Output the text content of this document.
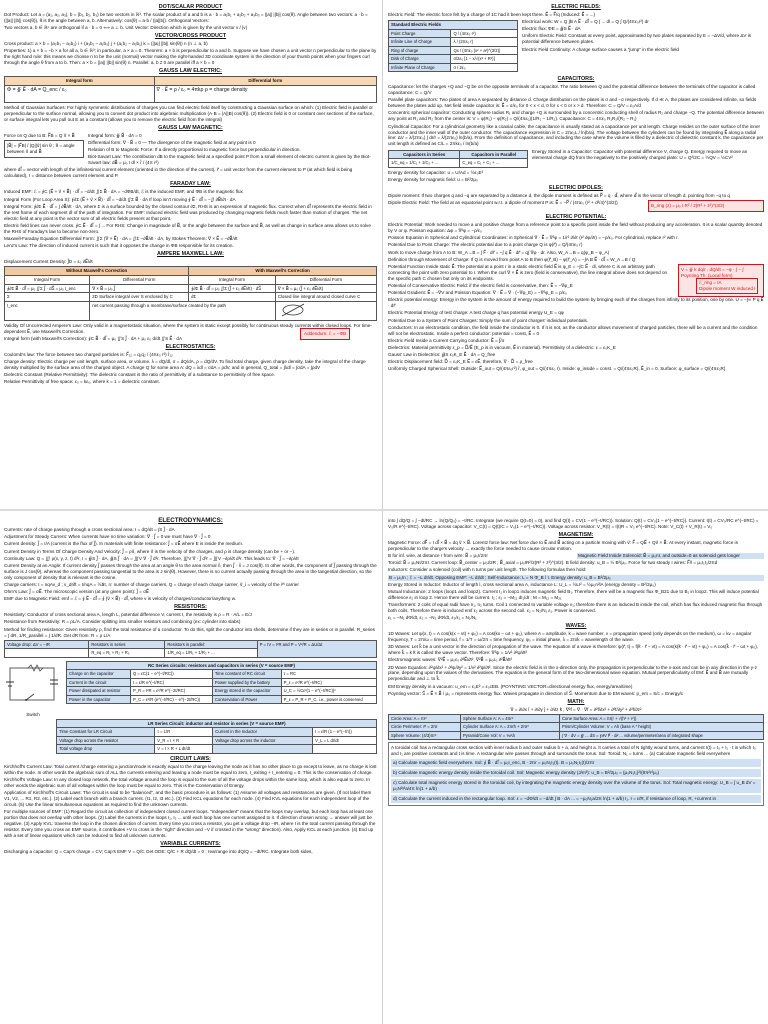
DOT/SCALAR PRODUCT
Dot Product: Let a = (a₁, a₂, a₃), b = (b₁, b₂, b₃) be two vectors in ℝ³. The scalar product of a and b is a · b = a₁b₁ + a₂b₂ + a₃b₃ = ||a|| ||b|| cos(θ). Angle between two vectors: a · b = (||a|| ||b|| cos(θ)), θ is the angle between a, b. Alternatively: cos(θ) = a·b / (|a||b|). Orthogonal Vectors:
Two vectors a, b ∈ ℝⁿ are orthogonal if a · b = 0 ⟺ a ⊥ b. Unit Vector: Direction which is given by the unit vector v / |v|
VECTOR/CROSS PRODUCT
Cross product: a × b = (a₂b₃ − a₃b₂) i + (a₃b₁ − a₁b₃) j + (a₁b₂ − a₂b₁) k = (||a|| ||b|| sin(θ)) n (n ⊥ a, b)
Properties: 1) a × b = −b × a for all a, b ∈ ℝ³; in particular, a × a = 0. Theorem: a × b is perpendicular to a and b. Suppose we have chosen a unit vector n perpendicular to the plane by the right hand rule: this means we choose n to be the unit (normal) vector making the right-handed 3D coordinate system in the direction of your thumb points when your fingers curl through the angle θ from a to b. Then: a × b = ||a|| ||b|| sin(θ) n. Parallel: a, b ≠ 0 are parallel iff a × b = 0
GAUSS LAW ELECTRIC:
Integral form	Differential form
Φ = ∯ E⃗ · dA = Q_enc / ε₀	∇ · E⃗ = ρ / ε₀ = 4πkρ ρ = charge density
Method of Gaussian Surfaces: For highly symmetric distributions of charges you can find electric field itself by constructing a Gaussian surface on which: (1) Electric field is parallel or perpendicular to the surface normal, allowing you to convert dot product into algebraic multiplication (A·B = |A||B| cos(θ)). (2) Electric field is 0 or constant over sections of the surface, or surface integral lets you pull out E as a constant (allows you to remove the electric field from the integral)
GAUSS LAW MAGNETIC:
Force on Q due to B: F⃗B = Q v⃗ × B⃗
|B⃗| = |F⃗B| / |Q||v⃗| sin θ ; θ = angle between v⃗ and B⃗
Integral form: ∯ B⃗ · dA = 0
Differential form: ∇ · B⃗ = 0 — The divergence of the magnetic field at any point is 0
Relation of B to Magnetic Force: If a directly proportional to magnetic force but perpendicular in direction.
Biot-Savart Law: The contribution dB to the magnetic field at a specified point P from a small element of electric current is given by the Biot-Savart law: dB⃗ = μ₀ I dl × r̂ / (4π r²)
where dl⃗ = vector with length of the infinitesimal current element (oriented in the direction of the current), r⃗ = unit vector from the current element to P (at which field is being calculated), r = distance between current element and P.
FARADAY LAW:
Induced EMF: ℰ = ∮C (E⃗ + v⃗ × B⃗) · dl⃗ = −d/dt ∬Σ B⃗ · dA = −dΦB/dt, ℰ is the induced EMF, and ΦB is the magnetic flux
Integral Form (For Loop Area S): ∮∂Σ (E⃗ + v⃗ × B⃗) · dl⃗ = −d/dt ∬Σ B⃗ · dA If loop isn't moving ∮ E⃗ · dl⃗ = −∬ ∂B⃗/∂t · dA
Integral Form: ∮∂Σ E⃗ · dl⃗ = ∫ ∂B⃗/∂t · dA, where Σ is a surface bounded by the closed contour ∂Σ, RHS is an expression of magnetic flux. Correct when dl⃗ represents the electric field in the rest frame of each segment dl of the path of integration. For EMF: Induced electric field was produced by changing magnetic fields much faster than motion of charges. The net electric field at any point is the vector sum of all electric fields present at that point.
Electric field lines can never cross. ∮C E⃗ · dl⃗ = ∫ ... For RHS: Change in magnitude of B⃗, or the angle between the surface and B⃗, as well as change in surface area allows us to solve the RHS of Faraday's law to become non-zero.
Maxwell-Faraday Equation Differential Form: ∬Σ (∇ × E⃗) · dA = ∬Σ −∂B⃗/∂t · dA, by Stokes Theorem: ∇ × E⃗ = −∂B⃗/∂t
Lenz's Law: The direction of induced current is such that it opposes the change in ΦB responsible for its creation.
Addendum: ℰ = −ΦB
AMPERE MAXWELL LAW:
Displacement Current Density: J⃗D = ε₀ ∂E⃗/∂t
Without Maxwell's Correction		With Maxwell's Correction	
Integral Form	Differential Form	Integral Form	Differential Form
∮∂Σ B⃗ · dl⃗ = μ₀ ∬Σ J⃗ · dS⃗ = μ₀ I_enc	∇ × B⃗ = μ₀ J⃗	∮∂Σ B⃗ · dl⃗ = μ₀ ∬Σ (J⃗ + ε₀ ∂E⃗/∂t) · dS⃗	∇ × B⃗ = μ₀ (J⃗ + ε₀ ∂E⃗/∂t)
Σ	2D Surface integral over S enclosed by C	∂Σ	Closed line integral around closed curve C
I_enc	net current passing through a membrane/surface created by the path	
Validity Of Uncorrected Ampere's Law: Only valid in a magnetostatic situation, where the system is static except possibly for continuous steady currents within closed loops. For time-dependent E⃗, use Maxwell's Correction.
Integral form (with Maxwell's Correction): ∮C B⃗ · dl⃗ = μ₀ ∬S J⃗ · dA + μ₀ ε₀ d/dt ∬S E⃗ · dA
ELECTROSTATICS:
Coulomb's law: The force between two charged particles is: F⃗₁₂ = q₁q₂ / (4πε₀ r²) r̂₁₂
Charge density: Electric charge per unit length, surface area, or volume. λ = dQ/dl, σ = dQ/dA, ρ = dQ/dV. To find total charge, given charge density, take the integral of the charge density multiplied by the surface area of the charged object. A charge Q for some area A: dQ = λdl = σdA = ρdV, and in general, Q_total = ∫λdl = ∫σdA = ∫ρdV
Dielectric Constant (Relative Permittivity): The dielectric constant is the ratio of permittivity of a substance to permittivity of free space.
Relative Permittivity of free space: ε₀ = kε₀, where k = 1 = dielectric constant.
ELECTRIC FIELDS:
Electric Field: The electric force felt by a charge of 1C had it been kept there. E⃗ = F⃗/q (Induced: E⃗ = ...)
Standard Electric Fields	
Point Charge	Q / (4πε₀ r²)
Infinite Line of Charge	λ / (2πε₀ r)
Ring of charge	Qx / (4πε₀ (x² + a²)^(3/2))
Disk of Charge	σ/2ε₀ [1 − x/√(x² + R²)]
Infinite Plane of Charge	σ / 2ε₀
Electrical work: W = Q ∫B A E⃗ · dl⃗ = Q ∫ ... dl = Q ∫ Q/(4πε₀r²) dr
Electric flux: ΦE = ∯S E⃗ · dA
Uniform Electric Field: Constant at every point, approximated by two plates separated by E = −ΔV/d, where ΔV is potential difference between plates.
Electric Field Continuity: A charge surface causes a "jump" in the electric field
CAPACITORS:
Capacitance: let the charges +Q and −Q be on the opposite terminals of a capacitor. The ratio between Q and the potential difference between the terminals of the capacitor is called capacitance: C = Q/V
Parallel plate capacitors: Two plates of area A separated by distance d. Charge distribution on the plates is σ and −σ respectively. If d ≪ A, the plates are considered infinite, so fields between the plates add up. Net field inside capacitor is: E⃗ = σ/ε₀ for 0 < x < d, 0 for x < 0 or x > d. Therefore: C = Q/V = ε₀A/d
Concentric spherical capacitor: Conducting sphere radius R₁ and charge +Q is surrounded by a concentric conducting shell of radius R₂ and charge −Q. The potential difference between any point at R₁ and R₂ from the center is: V = φ(R₁) − φ(R₂) = Q/(4πε₀)(1/R₁ − 1/R₂). Capacitance: C = 4πε₀ R₁R₂/(R₂ − R₁)
Cylindrical Capacitor: For a cylindrical geometry like a coaxial cable, the capacitance is usually stated as a capacitance per unit length. Charge resides on the outer surface of the inner conductor and the inner wall of the outer conductor. The capacitance expression is C = 2πε₀L / ln(b/a). The voltage between the cylinders can be found by integrating E⃗ along a radial line: ΔV = λ/(2πε₀) ∫ dr/r = λ/(2πε₀) ln(b/a). From the definition of capacitance, and including the case where the volume is filled by a dielectric of dielectric constant k, the capacitance per unit length is defined as C/L = 2πkε₀ / ln(b/a)
Capacitors in Series	Capacitors in Parallel
1/C_eq = 1/C₁ + 1/C₂ + ...	C_eq = C₁ + C₂ + ...
Energy Stored in a Capacitor: Capacitor with potential difference V, charge Q. Energy required to move an elemental charge dQ from the negatively to the positively charged plate: U = Q²/2C = ½QV = ½CV²
Energy density for capacitor: u = U/Ad = ½ε₀E²
Energy density for magnetic field: u = B²/2μ₀
ELECTRIC DIPOLES:
Dipole moment: If two charges q and −q are separated by a distance d, the dipole moment is defined as P⃗ = q · d⃗, where d⃗ is the vector of length d, pointing from −q to q
Dipole Electric Field: The field at an equatorial point w.r.t. a dipole of moment P is: E⃗ = −P⃗ / (4πε₀ (r² + d²/4)^(3/2))
B_ring (z) = μ₀ I R² / 2(R² + z²)^(3/2)
ℰ_ring = IA
Dipole moment W induced I
ELECTRIC POTENTIAL:
Electric Potential: Work needed to move a unit positive charge from a reference point to a specific point inside the field without producing any acceleration. It is a scalar quantity denoted by V or φ. Poisson equation: Δφ = ∇²φ = −ρ/ε₀
Poisson Equation in Spherical and Cylindrical Coordinates: in Spherical ∇ · E⃗ = ∇²φ = 1/r² ∂/∂r (r² ∂φ/∂r) = −ρ/ε₀. For cylindrical, replace r² with r.
Potential Due to Point Charge: The electric potential due to a point charge Q is φ(r⃗) = Q/(4πε₀ r)
Work to move charge from A to B: W_A→B = ∫ F⃗ · dr⃗ = −∫ q E⃗ · dr⃗ = q∫ ∇φ · dr. Also, W_A→B = q(φ_B − φ_A)
Definition through Movement of Charge: If Q is moved from point A to B then φ(r⃗_B) − φ(r⃗_A) = −∫A B E⃗ · dl⃗ = W_A→B / Q
Potential Function Inside static E⃗: The potential at a point r in a static electric field E⃗ is φ_E = −∫C E⃗ · dl, where C is an arbitrary path connecting the point with zero potential to r. When the curl ∇ × E⃗ is zero (field is conservative), the line integral above does not depend on the specific path C chosen but only on its endpoints.
Potential of Conservative Electric Field: if the electric field is conservative, then: E⃗ = −∇φ_E
Potential Gradient: E⃗ = −∇V and Poisson Equation: ∇ · E⃗ = ∇ · (−∇φ_E) = −∇²φ_E = ρ/ε₀
V = ∯ k dq/r , dQ/dt = −φ · ∫ − ∫
Poynting Th. (Local form)
Electric potential energy: Energy in the system is the amount of energy required to build the system by bringing each of the charges from infinity to its position, one by one. U = −∫∞ P q E⃗ · dr⃗
Electric Potential Energy of test charge: A test charge q has potential energy U_E = qφ
Potential Due to a System of Point Charges: Simply the sum of point charges' individual potentials.
Conductors: In an electrostatic condition, the field inside the conductor is 0. If it is not, as the conductor allows movement of charged particles, there will be a current and the condition will not be electrostatic. Inside a perfect conductor: potential = const, E⃗ = 0
Electric Field Inside a Current Carrying conductor: E⃗ = J⃗/σ
Dielectrics: Material permittivity ε_p = D⃗/E⃗ (E_p is in vacuum, E⃗ in material). Permittivity of a dielectric: ε = ε₀K_E
Gauss' Law in Dielectrics: ∯S ε₀K_E E⃗ · dA = Q_free
Electric Displacement field: D⃗ = ε₀K_E E⃗ = εE⃗, therefore, ∇ · D⃗ = ρ_free
Uniformly Charged Spherical Shell: Outside: E⃗_out = Q/(4πε₀r²) r̂, φ_out = Q/(4πε₀ r). Inside: φ_inside = const. = Q/(4πε₀R), E⃗_in = 0. Surface: φ_surface = Q/(4πε₀R)
ELECTRODYNAMICS:
Currents: rate of charge passing through a cross sectional area: I = dQ/dt = ∫S J⃗ · dA
Adjustment for Steady Current: When currents have no time variation: ∇ · J⃗ = 0 we must have ∇ · J⃗ = 0
Current density: J⃗ = I/A (current is the flux of J⃗). In materials with finite resistance: J⃗ = σE⃗ where E is inside the medium.
Current Density in Terms Of Charge Density And Velocity: J⃗ = ρv⃗, where v⃗ is the velocity of the charges, and ρ is charge density (can be + or −).
Continuity Law: Q = ∭ ρ(x, y, z, t) d³r, I = ∯S J⃗ · dA, ∯S J⃗ · dA = ∭V ∇ · J⃗ d³r. Therefore, ∭V ∇ · J⃗ d³r = ∭V −∂ρ/∂t d³r. This leads to: ∇ · J⃗ = −∂ρ/∂t
Current Density at an Angle: If current density J⃗ passes through the area at an angle θ to the area normal n̂, then J⃗ · n̂ = J cos(θ). In other words, the component of J⃗ passing through the surface is J cos(θ), whereas the component passing tangential to the area is J sin(θ). However, there is no current actually passing through the area in the tangential direction, so the only component of density that is relevant is the cosine.
Charge carriers: I = nqAv_d ; v_drift = I/nqA = ½a⃗τ, n: number of charge carriers, Q = charge of each charge carrier, v⃗_i = velocity of the iᵗʰ carrier
Ohm's Law: J⃗ = σE⃗. The microscopic version (at any given point): J⃗ = σE⃗
EMF due to Magnetic Field: emf = ℰ = ∮ E⃗ · dl⃗ = ∮ (v⃗ × B⃗) · dl⃗, where v is velocity of charges/conductor/anything w.
RESISTORS:
Resistivity: Conductor of cross sectional area A, length L, potential difference V, current I, the resistivity is ρ = R · A/L = E/J
Resistance from Resistivity: R = ρL/A. Consider splitting into smaller resistors and combining (ex: cylinder into slabs)
Method for finding resistance: Given resistivity ρ, find the total resistance of a conductor. To do this, split the conductor into shells, determine if they are in series or in parallel. R_series = ∫ dR, 1/R_parallel = ∫ 1/dR. Get dR from: R = ρ L/A
Voltage drop: ΔV = −IR	Resistors in series	Resistors in parallel:	P = IV = I²R and P = V²/R = ΔU/Δt
	R_eq = R₁ + R₂ + R₃	1/R_eq = 1/R₁ + 1/R₂ + ...	
Switch
RC Series circuits: resistors and capacitors in series (V = source EMF)			
Charge on the capacitor	Q = εC(1 − e^(−t/RC))	Time constant of RC circuit	τ = RC
Current in the circuit	I = ε/R e^(−t/RC)	Power supplied by the battery	P_ε = ε²/R e^(−t/RC)
Power dissipated at resistor	P_R = I²R = ε²/R e^(−2t/RC)	Energy stored in the capacitor	U_C = ½Cε²(1 − e^(−t/RC))²
Power in the capacitor	P_C = ε²/R (e^(−t/RC) − e^(−2t/RC))	Conservation of Power	P_ε = P_R + P_C, i.e., power is conserved
LR Series Circuit: inductor and resistor in series (V = source EMF)			
Time Constant for LR Circuit	τ = L/R	Current in the Inductor	I = ε/R (1 − e^(−t/τ))
Voltage drop across the resistor	V_R = I × R	Voltage drop across the inductor	V_L = L dI/dt
Total voltage drop	V = I × R + L dI/dt		
CIRCUIT LAWS:
Kirchhoff's Current Law: Total current /charge entering a junction/node is exactly equal to the charge leaving the node as it has no other place to go except to leave, as no charge is lost within the node. In other words the algebraic sum of ALL the currents entering and leaving a node must be equal to zero, I_exiting + I_entering = 0. This is the conservation of charge.
Kirchhoff's Voltage Law: In any closed loop network, the total voltage around the loop is equal to the sum of all the voltage drops within the same loop, which is also equal to zero. In other words the algebraic sum of all voltages within the loop must be equal to zero. This is the Conservation of Energy.
Application of Kirchhoff's Circuit Laws: The circuit is said to be "balanced", and the basic procedure is as follows: (1) Assume all voltages and resistances are given. (If not label them V1, V2, ... R1, R2, etc.). (2) Label each branch with a branch current. (I1, I2, I3 etc.). (3) Find KCL equations for each node. (4) Find KVL equations for each independent loop of the circuit. (5) Use the linear simultaneous equations as required to find the unknown currents.
For multiple sources of EMF: (1) Regard the circuit as collection of independent closed current loops. "Independent" means that the loops may overlap, but each loop has at least one portion that does not overlap with other loops. (2) Label the currents in the loops I₁, I₂ ... until each loop has one current assigned to it. If direction chosen wrong → answer will just be negative. (3) Apply KVL: traverse the loop in the chosen direction of current. Every time you cross a resistor, you get a voltage drop −IR, where I is the total current passing through the resistor. Every time you cross an EMF source, it contributes +V to cross in the "right" direction and −V if crossed in the "wrong" direction). Also, Apply KCL at each junction. (4) End up with a set of linear equations which can be reduced to find all unknown currents.
VARIABLE CURRENTS:
Discharging a capacitor: Q = Cap's charge = CV; Cap's EMF V = Q/C Get ODE: Q/C + R dQ/dt = 0 ; rearrange into dQ/Q = −dt/RC. Integrate both sides,
into ∫ dQ/Q = ∫ −dt/RC → ln(Q/Q₀) = −t/RC. Integrate (we require Q(t=0) = 0), and find Q(t) = CV(1 − e^(−t/RC)). Solution: Q(t) = CV₀(1 − e^(−t/RC)). Current: I(t) = CV₀/RC e^(−t/RC) = V₀/R e^(−t/RC). Voltage across capacitor: V_C(t) = Q(t)/C = V₀(1 − e^(−t/RC)). Voltage across resistor: V_R(t) = I(t)R = V₀ e^(−t/RC). Note: V_C(t) + V_R(t) = V₀
MAGNETISM:
Magnetic Force: dF⃗ = I dl⃗ × B⃗ = dq v⃗ × B⃗. Lorentz force law: Net force due to E⃗ and B⃗ acting on a particle moving with v⃗: F⃗ = QE⃗ + Qv⃗ × B⃗. At every instant, magnetic force is perpendicular to the charge's velocity → exactly the force needed to cause circular motion.
B for inf. wire, at distance r from wire: B⃗ = μ₀I/2πr	Magnetic Field Inside Solenoid: B⃗ = μ₀nI, and outside=0 as solenoid gets longer
Toroid: B⃗ = μ₀NI/2πr. Current loop: B⃗_center = μ₀I/2R ; B⃗_axial = μ₀IR²/2(R² + z²)^(3/2). B field density: u_B = ½ B²/μ₀. Force for two steady I wires: F⃗/l = μ₀I₁I₂/2πd
Inductors: Consider a solenoid (coil) with n turns per unit length. The following formulas then hold:
B = μ₀In ; ℰ = −L dI/dt, Opposing EMF: −L dI/dt ; Self-Inductance: L = N Φ_B / I. Energy density: u_B = B²/2μ₀
Energy Stored in Inductor: Inductor of length l, cross sectional area A, inductance L: U_L = ½LI² = ½μ₀n²lA (energy density = B²/2μ₀)
Mutual Inductance: 2 loops (loop1 and loop2). Current I₁ in loop1 induces magnetic field B₁. Therefore, there will be a magnetic flux Φ_B21 due to B₁ in loop2. This will induce potential difference ε₂ in loop 2. Hence there will be current. I₂ ; ε₂ = −M₂₁ dI₁/dt ; M = M₁₂ = M₂₁
Transformers: 2 coils of equal radii have n₁, n₂ turns. Coil 1 connected to variable voltage v₁; therefore there is an induced B inside the coil, which has flux induced magnetic flux through both coils. Therefore there is induced emf ε₂ across the second coil. ε₂ = N₂/N₁ ε₁. Power is conserved.
ε₁ = −N₁ dΦ/dt, ε₂ = −N₂ dΦ/dt, ε₂/ε₁ = N₂/N₁
WAVES:
1D Waves: Let ψ(x, t) = A cos(k(x − vt) + φ₀) = A cos(kx − ωt + φ₀), where A = amplitude, k = wave number, v = propagation speed (only depends on the medium), ω = kv = angular frequency, T = 2π/ω = time period, f = 1/T = ω/2π = time frequency, φ₀ = initial phase, λ = 2π/k = wavelength of the wave.
3D Waves: Let k⃗ be a unit vector in the direction of propagation of the wave. The equation of a wave is therefore: ψ(r⃗, t) = f(k̂ · r⃗ − vt) = A cos(k(k̂ · r⃗ − vt) + φ₀) = A cos(k⃗ · r⃗ − ωt + φ₀), where k⃗ = k k̂ is called the wave vector. Therefore: ∇²ψ = 1/v² ∂²ψ/∂t²
Electromagnetic waves: ∇²E⃗ = μ₀ε₀ ∂²E⃗/∂t², ∇²B⃗ = μ₀ε₀ ∂²B⃗/∂t²
2D Wave Equation: ∂²ψ/∂x² + ∂²ψ/∂y² = 1/v² ∂²ψ/∂t². Since the electric field is in the x-direction only, the propagation is perpendicular to the x-axis and can be in any direction in the y-z plane, depending upon the values of the derivatives. The equation is the general form of the two-dimensional wave equation. Mutual perpendicularity of EM: E⃗ and B⃗ are mutually perpendicular and ⊥ to k⃗.
EM Energy density in a vacuum: u_em = ε₀E² = ε₀cEB. (POYNTING VECTOR=directional energy flux, energy/area/time)
Poynting vector: S⃗ = E⃗ × B⃗ / μ₀ = represents energy flux. Waves propagate in direction of S⃗. Momentum due to EM waves: p_em = S/c = Energy/c
MATH:
∇ = ∂/∂x î + ∂/∂y ĵ + ∂/∂z k̂ ; ∇²f = ∇ · ∇f = ∂²f/∂x² + ∂²f/∂y² + ∂²f/∂z²
Circle Area: A = πr²	Sphere Surface A: A = 4πr²	Cone Surface Area: A = πr(r + √(h² + r²))
Circle Perimeter: P = 2πr	Cylinder Surface A: A = 2πrh + 2πr²	Prism/Cylinder Volume: V = Ah (base A * height)
Sphere Volume: (4/3)πr³	Pyramid/Cone Vol: V = ⅓Ah	∫ ∇ · dV = ∯ ... dS = ∮∂V F⃗ · dr⃗ ... volume/perimeter/area of integrated shape
A toroidal coil has a rectangular cross section with inner radius b and outer radius b + a, and height a. It carries a total of N tightly wound turns, and current I(t) = I₀ + I₁ · t in which I₀ and I₁ are positive constants and t is time. A rectangular wire passes through and surrounds the torus. Sol: Toroid: N₁ = turns ... (a) Calculate magnetic field everywhere
a) Calculate magnetic field everywhere. Sol: ∮ B⃗ · dl⃗ = μ₀I_enc, B · 2πr = μ₀N₁I₁(t). B = μ₀N₁I₁(t)/2πr
b) Calculate magnetic energy density inside the toroidal coil. Sol: Magnetic energy density (J/m³): u_B = B²/2μ₀ = (μ₀N₁I₁)²/(8π²r²μ₀)
c) Calculate total magnetic energy stored in the toroidal coil, by integrating the magnetic energy density over the volume of the torus. Sol: Total magnetic energy: U_B = ∫ u_B dV = μ₀N²I²a/4π ln(1 + a/b)
d) Calculate the current induced in the rectangular loop. Sol: ε = −dΦ/dt = −d/dt ∫ B · dA ... = −μ₀N₁a/2π ln(1 + a/b) I₁. I = ε/R, if resistance of loop, R, +current in
